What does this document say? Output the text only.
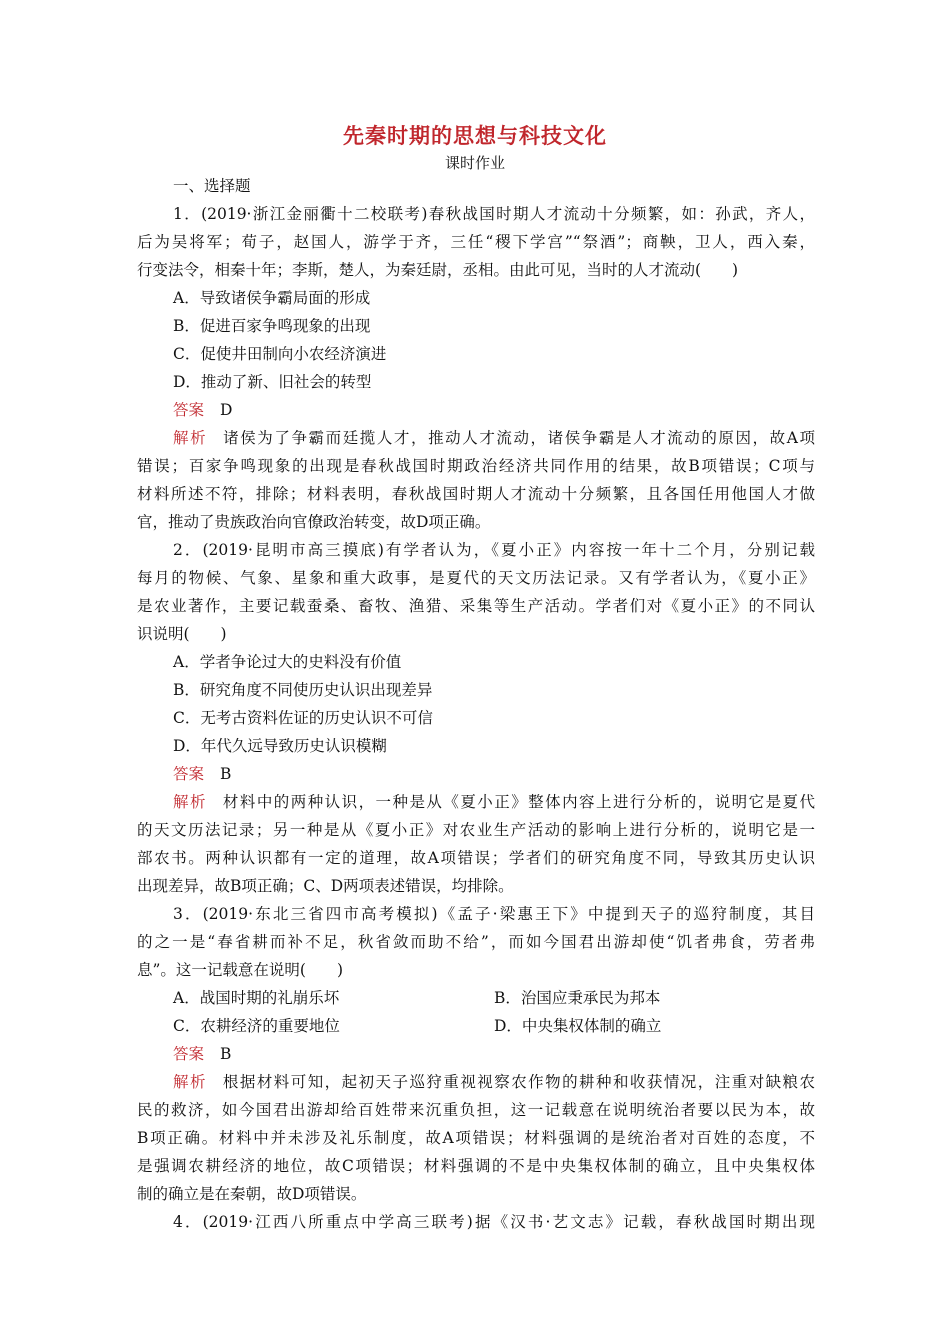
先秦时期的思想与科技文化
课时作业
一、选择题
1．(2019·浙江金丽衢十二校联考)春秋战国时期人才流动十分频繁，如：孙武，齐人，
后为吴将军；荀子，赵国人，游学于齐，三任“稷下学宫”“祭酒”；商鞅，卫人，西入秦，
行变法令，相秦十年；李斯，楚人，为秦廷尉，丞相。由此可见，当时的人才流动(　　)
A．导致诸侯争霸局面的形成
B．促进百家争鸣现象的出现
C．促使井田制向小农经济演进
D．推动了新、旧社会的转型
答案 D
解析 诸侯为了争霸而廷揽人才，推动人才流动，诸侯争霸是人才流动的原因，故A项
错误；百家争鸣现象的出现是春秋战国时期政治经济共同作用的结果，故B项错误；C项与
材料所述不符，排除；材料表明，春秋战国时期人才流动十分频繁，且各国任用他国人才做
官，推动了贵族政治向官僚政治转变，故D项正确。
2．(2019·昆明市高三摸底)有学者认为，《夏小正》内容按一年十二个月，分别记载
每月的物候、气象、星象和重大政事，是夏代的天文历法记录。又有学者认为，《夏小正》
是农业著作，主要记载蚕桑、畜牧、渔猎、采集等生产活动。学者们对《夏小正》的不同认
识说明(　　)
A．学者争论过大的史料没有价值
B．研究角度不同使历史认识出现差异
C．无考古资料佐证的历史认识不可信
D．年代久远导致历史认识模糊
答案 B
解析 材料中的两种认识，一种是从《夏小正》整体内容上进行分析的，说明它是夏代
的天文历法记录；另一种是从《夏小正》对农业生产活动的影响上进行分析的，说明它是一
部农书。两种认识都有一定的道理，故A项错误；学者们的研究角度不同，导致其历史认识
出现差异，故B项正确；C、D两项表述错误，均排除。
3．(2019·东北三省四市高考模拟)《孟子·梁惠王下》中提到天子的巡狩制度，其目
的之一是“春省耕而补不足，秋省敛而助不给”，而如今国君出游却使“饥者弗食，劳者弗
息”。这一记载意在说明(　　)
A．战国时期的礼崩乐坏	B．治国应秉承民为邦本
C．农耕经济的重要地位	D．中央集权体制的确立
答案 B
解析 根据材料可知，起初天子巡狩重视视察农作物的耕种和收获情况，注重对缺粮农
民的救济，如今国君出游却给百姓带来沉重负担，这一记载意在说明统治者要以民为本，故
B项正确。材料中并未涉及礼乐制度，故A项错误；材料强调的是统治者对百姓的态度，不
是强调农耕经济的地位，故C项错误；材料强调的不是中央集权体制的确立，且中央集权体
制的确立是在秦朝，故D项错误。
4．(2019·江西八所重点中学高三联考)据《汉书·艺文志》记载，春秋战国时期出现
